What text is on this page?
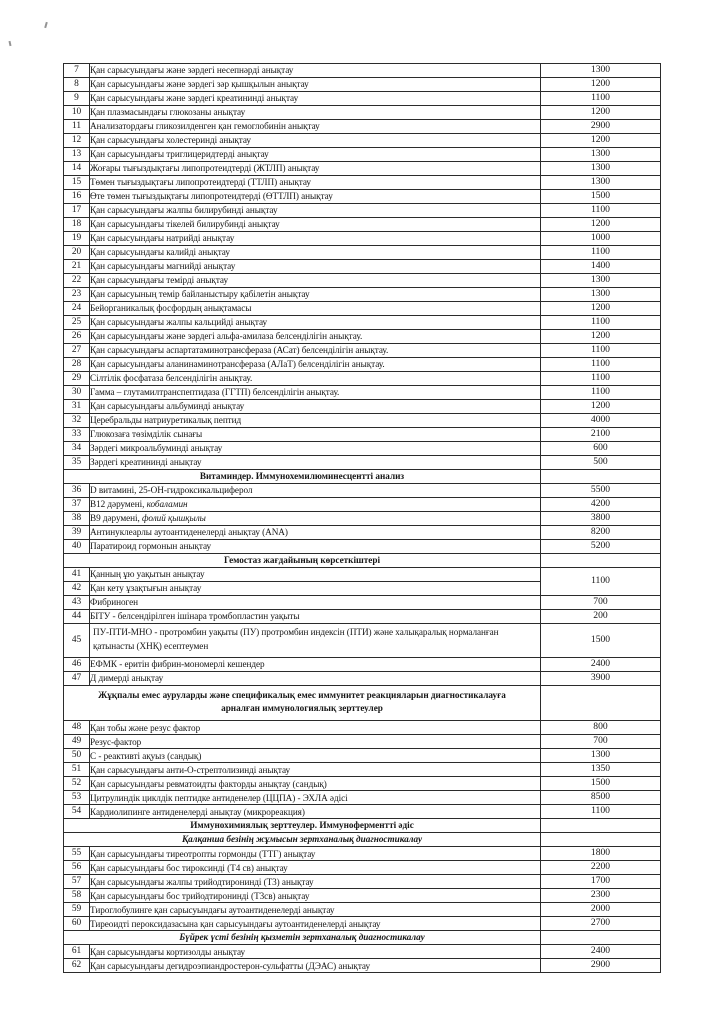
7	Қан сарысуындағы және зәрдегі несепнәрді анықтау	1300
8	Қан сарысуындағы және зәрдегі зәр қышқылын анықтау	1200
9	Қан сарысуындағы және зәрдегі креатининді анықтау	1100
10	Қан плазмасындағы глюкозаны анықтау	1200
11	Анализатордағы гликозилденген қан гемоглобинін анықтау	2900
12	Қан сарысуындағы холестеринді анықтау	1200
13	Қан сарысуындағы триглицеридтерді анықтау	1300
14	Жоғары тығыздықтағы липопротеидтерді (ЖТЛП) анықтау	1300
15	Төмен тығыздықтағы липопротеидтерді (ТТЛП) анықтау	1300
16	Өте төмен тығыздықтағы липопротеидтерді (ӨТТЛП) анықтау	1500
17	Қан сарысуындағы жалпы билирубинді анықтау	1100
18	Қан сарысуындағы тікелей билирубинді анықтау	1200
19	Қан сарысуындағы натрийді анықтау	1000
20	Қан сарысуындағы калийді анықтау	1100
21	Қан сарысуындағы магнийді анықтау	1400
22	Қан сарысуындағы теміpді анықтау	1300
23	Қан сарысуының темір байланыстыру қабілетін анықтау	1300
24	Бейорганикалық фосфордың анықтамасы	1200
25	Қан сарысуындағы жалпы кальцийді анықтау	1100
26	Қан сарысуындағы және зәрдегі альфа-амилаза белсенділігін анықтау.	1200
27	Қан сарысуындағы аспартатаминотрансфераза (АСат) белсенділігін анықтау.	1100
28	Қан сарысуындағы аланинаминотрансфераза (АЛаТ) белсенділігін анықтау.	1100
29	Сілтілік фосфатаза белсенділігін анықтау.	1100
30	Гамма – глутамилтранспептидаза (ГГТП) белсенділігін анықтау.	1100
31	Қан сарысуындағы альбуминді анықтау	1200
32	Церебральды натриуретикалық пептид	4000
33	Глюкозаға төзімділік сынағы	2100
34	Зәрдегі микроальбуминді анықтау	600
35	Зәрдегі креатининді анықтау	500
Витаминдер. Иммунохемилюминесцентті анализ		
36	D витамині, 25-ОН-гидроксикальциферол	5500
37	В12 дәрумені, кобаламин	4200
38	В9 дәрумені, фолий қышқылы	3800
39	Антинуклеарлы аутоантиденелерді анықтау (ANA)	8200
40	Паратироид гормонын анықтау	5200
Гемостаз жағдайының көрсеткіштері		
41	Қанның ұю уақытын анықтау	1100
42	Қан кету ұзақтығын анықтау	
43	Фибриноген	700
44	БІТУ - белсендірілген ішінара тромбопластин уақыты	200
45	ПУ-ПТИ-МНО - протромбин уақыты (ПУ) протромбин индексін (ПТИ) және халықаралық нормаланған қатынасты (ХНҚ) есептеумен	1500
46	ЕФМК - еритін фибрин-мономерлі кешендер	2400
47	Д димерді анықтау	3900
Жұқпалы емес ауруларды және спецификалық емес иммунитет реакцияларын диагностикалауға арналған иммунологиялық зерттеулер		
48	Қан тобы және резус фактор	800
49	Резус-фактор	700
50	С - реактивті ақуыз (сандық)	1300
51	Қан сарысуындағы анти-О-стрептолизинді анықтау	1350
52	Қан сарысуындағы ревматоидты факторды анықтау (сандық)	1500
53	Цитрулиндік циклдік пептидке антиденелер (ЦЦПА) - ЭХЛА әдісі	8500
54	Кардиолипинге антиденелерді анықтау (микрореакция)	1100
Иммунохимиялық зерттеулер. Иммуноферментті әдіс		
Қалқанша безінің жұмысын зертханалық диагностикалау		
55	Қан сарысуындағы тиреотропты гормонды (ТТГ) анықтау	1800
56	Қан сарысуындағы бос тироксинді (Т4 св) анықтау	2200
57	Қан сарысуындағы жалпы трийодтиронинді (Т3) анықтау	1700
58	Қан сарысуындағы бос трийодтиронинді (Т3св) анықтау	2300
59	Тироглобулинге қан сарысуындағы аутоантиденелерді анықтау	2000
60	Тиреоидті пероксидазасына қан сарысуындағы аутоантиденелерді анықтау	2700
Бүйрек үсті безінің қызметін зертханалық диагностикалау		
61	Қан сарысуындағы кортизолды анықтау	2400
62	Қан сарысуындағы дегидроэпиандростерон-сульфатты (ДЭАС) анықтау	2900
